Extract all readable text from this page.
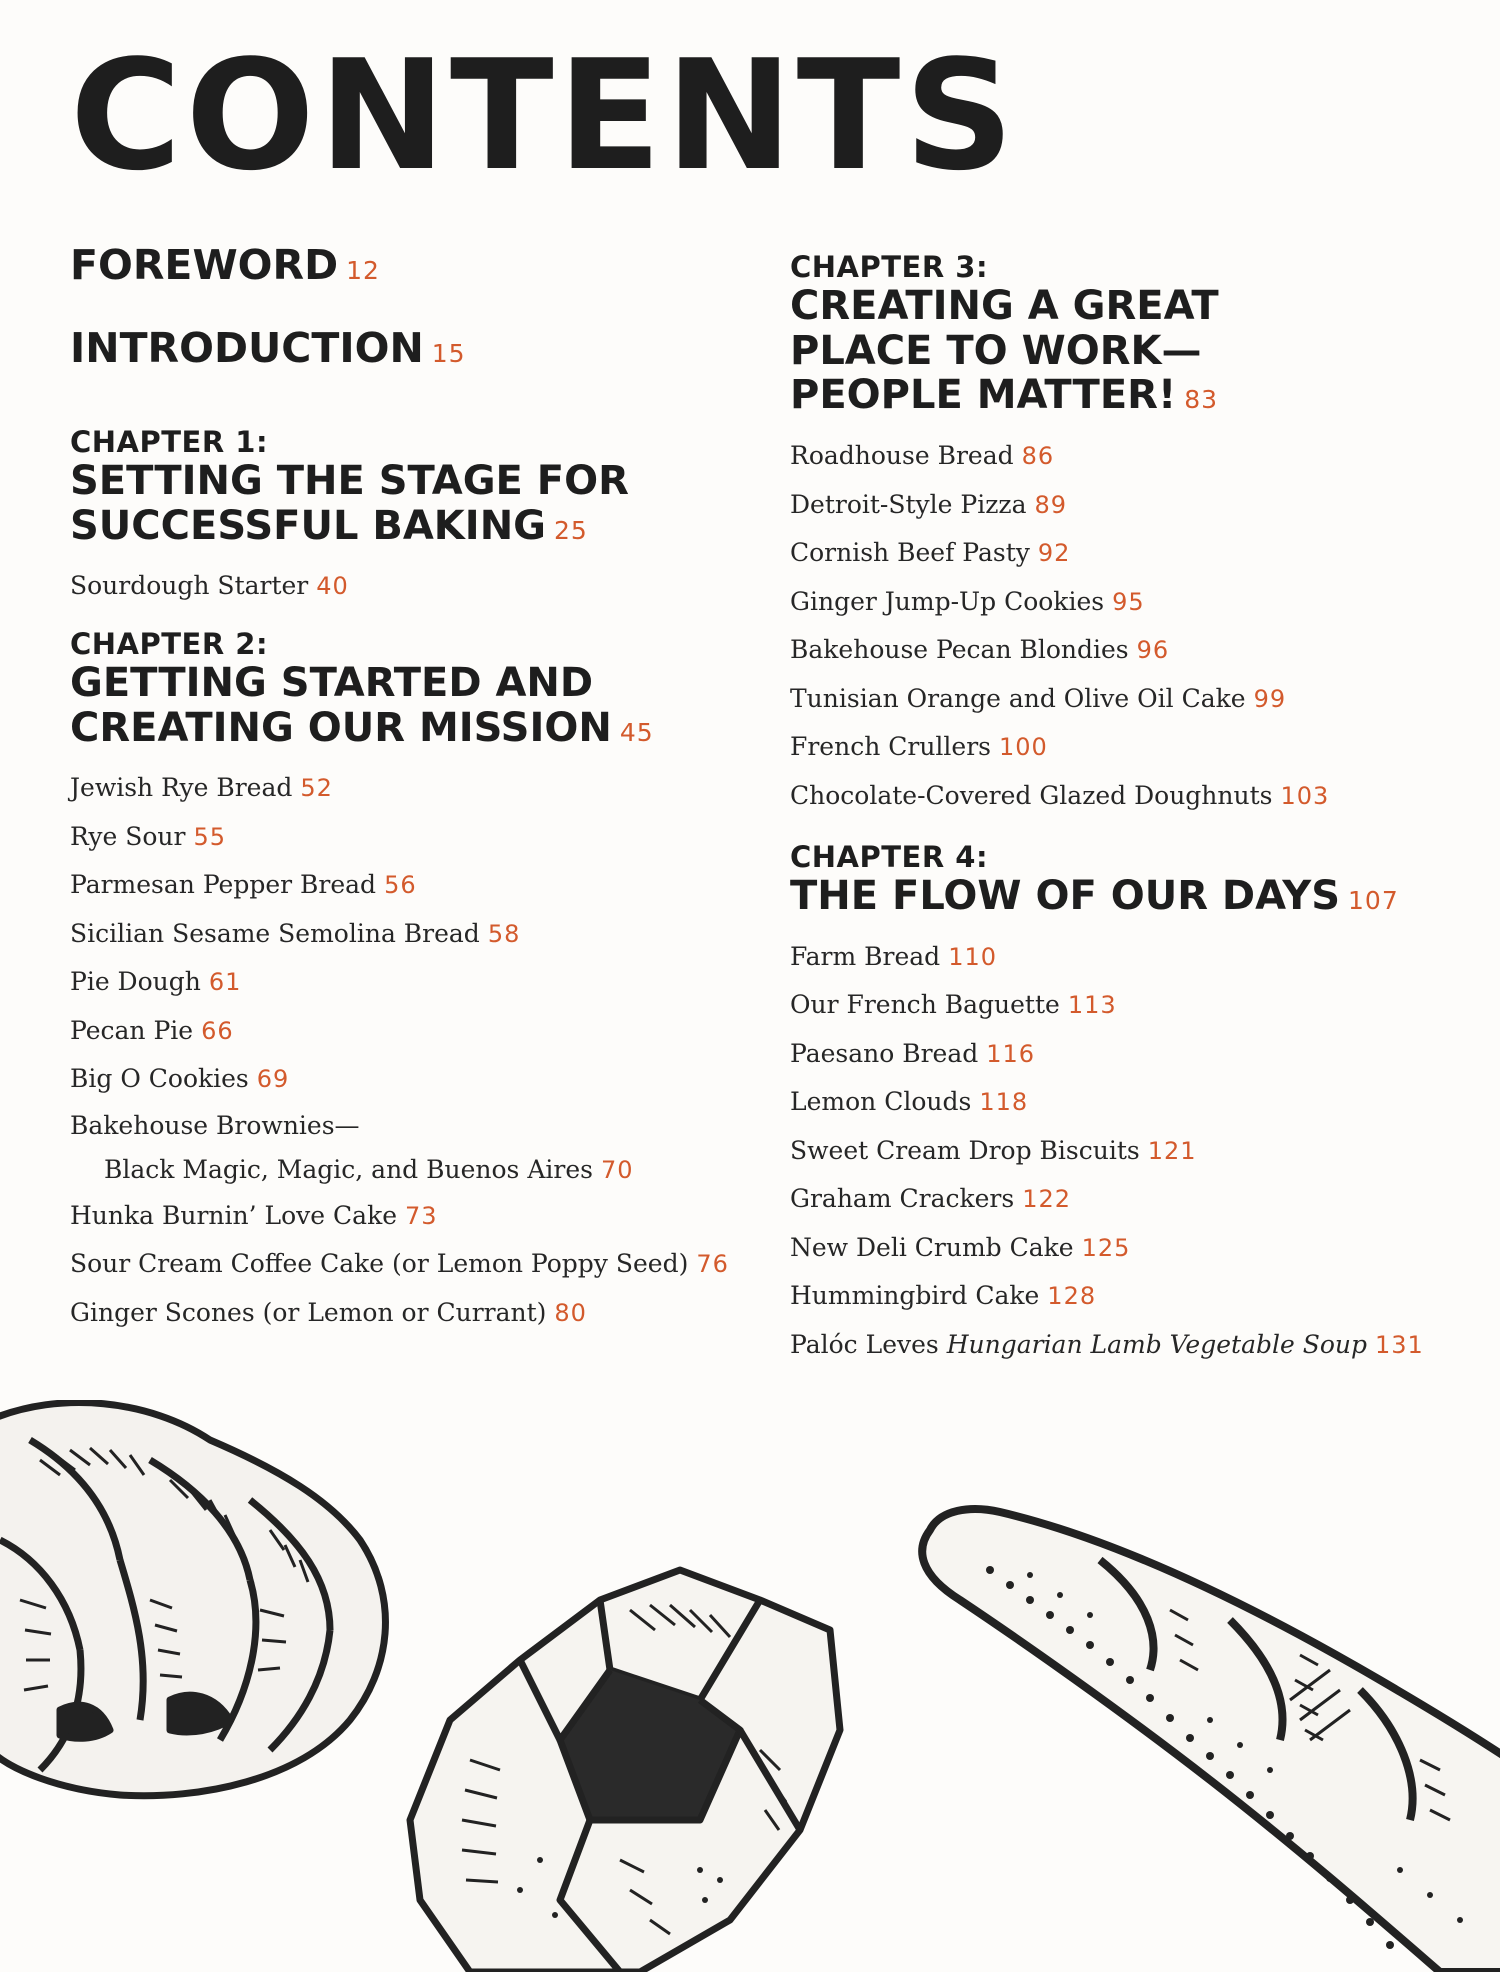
CONTENTS
FOREWORD 12
INTRODUCTION 15
CHAPTER 1:
SETTING THE STAGE FOR
SUCCESSFUL BAKING 25
Sourdough Starter 40
CHAPTER 2:
GETTING STARTED AND
CREATING OUR MISSION 45
Jewish Rye Bread 52
Rye Sour 55
Parmesan Pepper Bread 56
Sicilian Sesame Semolina Bread 58
Pie Dough 61
Pecan Pie 66
Big O Cookies 69
Bakehouse Brownies—
Black Magic, Magic, and Buenos Aires 70
Hunka Burnin’ Love Cake 73
Sour Cream Coffee Cake (or Lemon Poppy Seed) 76
Ginger Scones (or Lemon or Currant) 80
CHAPTER 3:
CREATING A GREAT
PLACE TO WORK—
PEOPLE MATTER! 83
Roadhouse Bread 86
Detroit-Style Pizza 89
Cornish Beef Pasty 92
Ginger Jump-Up Cookies 95
Bakehouse Pecan Blondies 96
Tunisian Orange and Olive Oil Cake 99
French Crullers 100
Chocolate-Covered Glazed Doughnuts 103
CHAPTER 4:
THE FLOW OF OUR DAYS 107
Farm Bread 110
Our French Baguette 113
Paesano Bread 116
Lemon Clouds 118
Sweet Cream Drop Biscuits 121
Graham Crackers 122
New Deli Crumb Cake 125
Hummingbird Cake 128
Palóc Leves Hungarian Lamb Vegetable Soup 131
